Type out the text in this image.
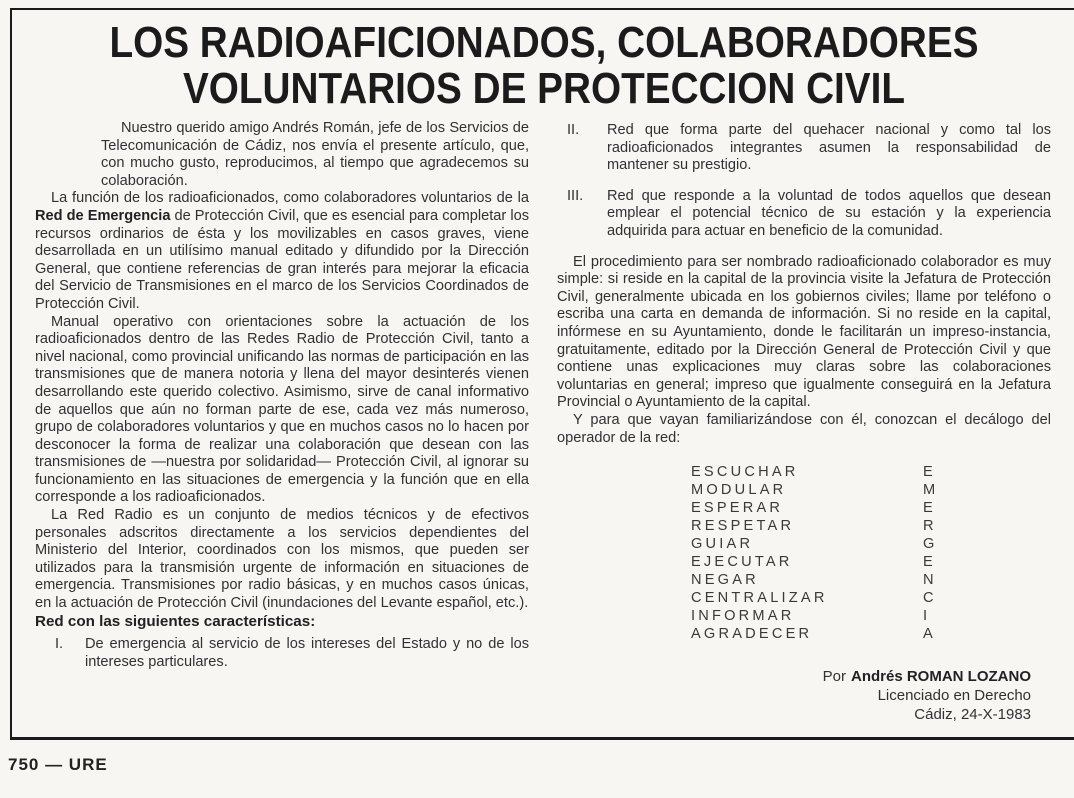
LOS RADIOAFICIONADOS, COLABORADORES
VOLUNTARIOS DE PROTECCION CIVIL

Nuestro querido amigo Andrés Román, jefe de los Servicios de Telecomunicación de Cádiz, nos envía el presente artículo, que, con mucho gusto, reproducimos, al tiempo que agradecemos su colaboración.

La función de los radioaficionados, como colaboradores voluntarios de la Red de Emergencia de Protección Civil, que es esencial para completar los recursos ordinarios de ésta y los movilizables en casos graves, viene desarrollada en un utilísimo manual editado y difundido por la Dirección General, que contiene referencias de gran interés para mejorar la eficacia del Servicio de Transmisiones en el marco de los Servicios Coordinados de Protección Civil.

Manual operativo con orientaciones sobre la actuación de los radioaficionados dentro de las Redes Radio de Protección Civil, tanto a nivel nacional, como provincial unificando las normas de participación en las transmisiones que de manera notoria y llena del mayor desinterés vienen desarrollando este querido colectivo. Asimismo, sirve de canal informativo de aquellos que aún no forman parte de ese, cada vez más numeroso, grupo de colaboradores voluntarios y que en muchos casos no lo hacen por desconocer la forma de realizar una colaboración que desean con las transmisiones de —nuestra por solidaridad— Protección Civil, al ignorar su funcionamiento en las situaciones de emergencia y la función que en ella corresponde a los radioaficionados.

La Red Radio es un conjunto de medios técnicos y de efectivos personales adscritos directamente a los servicios dependientes del Ministerio del Interior, coordinados con los mismos, que pueden ser utilizados para la transmisión urgente de información en situaciones de emergencia. Transmisiones por radio básicas, y en muchos casos únicas, en la actuación de Protección Civil (inundaciones del Levante español, etc.).

Red con las siguientes características:

I.	De emergencia al servicio de los intereses del Estado y no de los intereses particulares.
II.	Red que forma parte del quehacer nacional y como tal los radioaficionados integrantes asumen la responsabilidad de mantener su prestigio.
III.	Red que responde a la voluntad de todos aquellos que desean emplear el potencial técnico de su estación y la experiencia adquirida para actuar en beneficio de la comunidad.

El procedimiento para ser nombrado radioaficionado colaborador es muy simple: si reside en la capital de la provincia visite la Jefatura de Protección Civil, generalmente ubicada en los gobiernos civiles; llame por teléfono o escriba una carta en demanda de información. Si no reside en la capital, infórmese en su Ayuntamiento, donde le facilitarán un impreso-instancia, gratuitamente, editado por la Dirección General de Protección Civil y que contiene unas explicaciones muy claras sobre las colaboraciones voluntarias en general; impreso que igualmente conseguirá en la Jefatura Provincial o Ayuntamiento de la capital.

Y para que vayan familiarizándose con él, conozcan el decálogo del operador de la red:

ESCUCHAR	E
MODULAR	M
ESPERAR	E
RESPETAR	R
GUIAR	G
EJECUTAR	E
NEGAR	N
CENTRALIZAR	C
INFORMAR	I
AGRADECER	A
Por Andrés ROMAN LOZANO
Licenciado en Derecho
Cádiz, 24-X-1983
750 — URE
